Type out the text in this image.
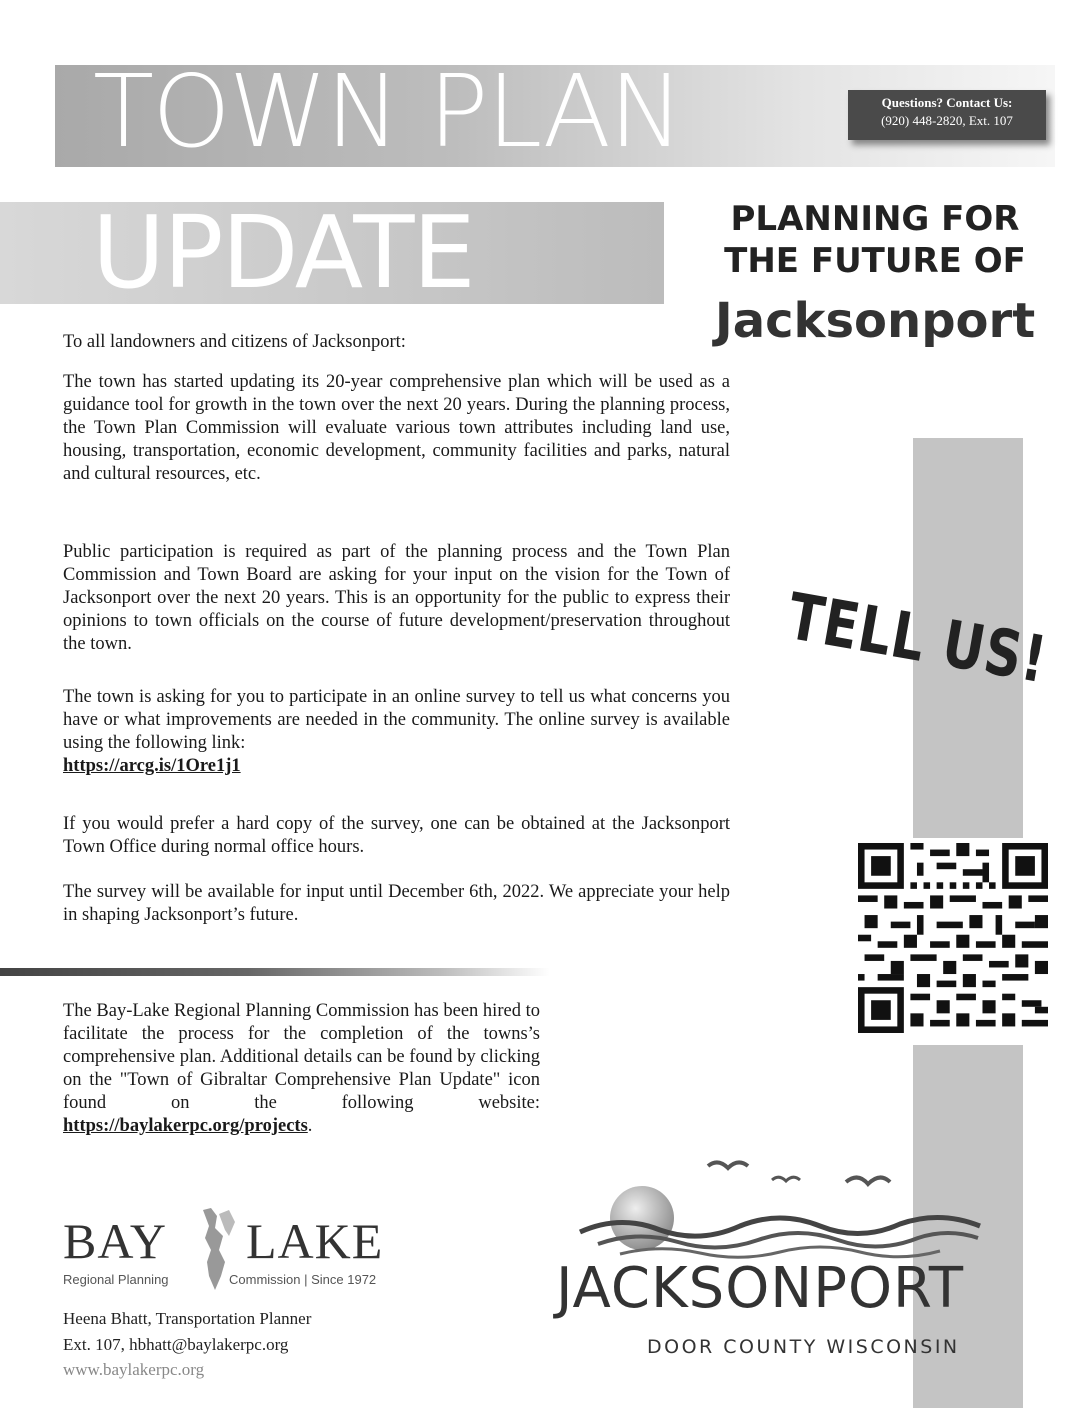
TOWN PLAN
UPDATE
Questions? Contact Us:
(920) 448-2820, Ext. 107
PLANNING FOR
THE FUTURE OF
Jacksonport
TELL US!

To all landowners and citizens of Jacksonport:

The town has started updating its 20-year comprehensive plan which will be used as a guidance tool for growth in the town over the next 20 years. During the planning process, the Town Plan Commission will evaluate various town attributes including land use, housing, transportation, economic development, community facilities and parks, natural and cultural resources, etc.

Public participation is required as part of the planning process and the Town Plan Commission and Town Board are asking for your input on the vision for the Town of Jacksonport over the next 20 years. This is an opportunity for the public to express their opinions to town officials on the course of future development/preservation throughout the town.

The town is asking for you to participate in an online survey to tell us what concerns you have or what improvements are needed in the community. The online survey is available using the following link:

https://arcg.is/1Ore1j1

If you would prefer a hard copy of the survey, one can be obtained at the Jacksonport Town Office during normal office hours.

The survey will be available for input until December 6th, 2022. We appreciate your help in shaping Jacksonport’s future.

The Bay-Lake Regional Planning Commission has been hired to facilitate the process for the completion of the towns’s comprehensive plan. Additional details can be found by clicking on the "Town of Gibraltar Comprehensive Plan Update" icon found on the following website: https://baylakerpc.org/projects.
BAY LAKE
Regional Planning	Commission | Since 1972
Heena Bhatt, Transportation Planner
Ext. 107, hbhatt@baylakerpc.org
www.baylakerpc.org
JACKSONPORT
DOOR COUNTY WISCONSIN
